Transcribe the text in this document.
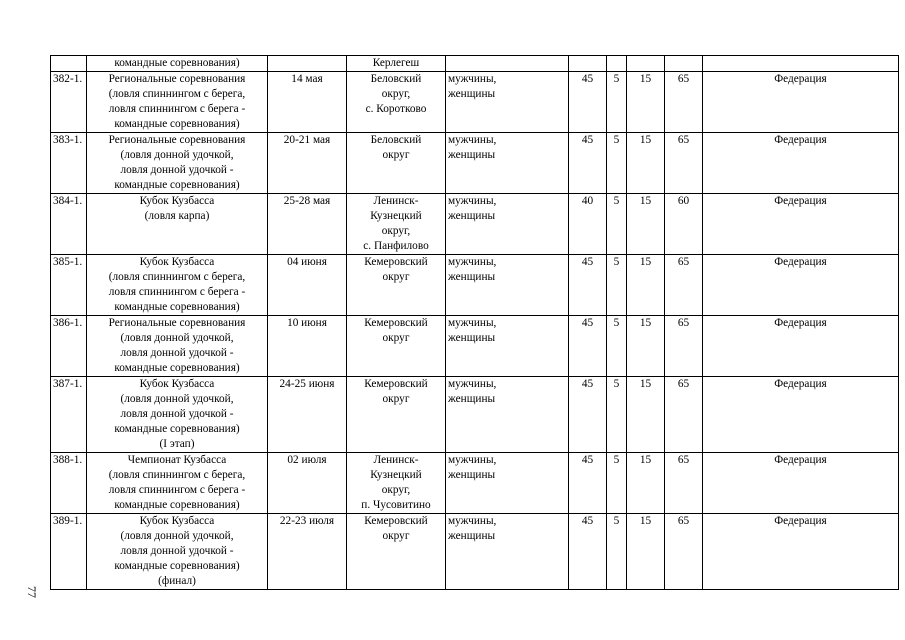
77

	командные соревнования)		Керлегеш						

382-1.	Региональные соревнования
(ловля спиннингом с берега,
ловля спиннингом с берега -
командные соревнования)	14 мая	Беловский
округ,
с. Коротково	мужчины,
женщины	45	5	15	65	Федерация

383-1.	Региональные соревнования
(ловля донной удочкой,
ловля донной удочкой -
командные соревнования)	20-21 мая	Беловский
округ	мужчины,
женщины	45	5	15	65	Федерация

384-1.	Кубок Кузбасса
(ловля карпа)	25-28 мая	Ленинск-
Кузнецкий
округ,
с. Панфилово	мужчины,
женщины	40	5	15	60	Федерация

385-1.	Кубок Кузбасса
(ловля спиннингом с берега,
ловля спиннингом с берега -
командные соревнования)	04 июня	Кемеровский
округ	мужчины,
женщины	45	5	15	65	Федерация

386-1.	Региональные соревнования
(ловля донной удочкой,
ловля донной удочкой -
командные соревнования)	10 июня	Кемеровский
округ	мужчины,
женщины	45	5	15	65	Федерация

387-1.	Кубок Кузбасса
(ловля донной удочкой,
ловля донной удочкой -
командные соревнования)
(I этап)	24-25 июня	Кемеровский
округ	мужчины,
женщины	45	5	15	65	Федерация

388-1.	Чемпионат Кузбасса
(ловля спиннингом с берега,
ловля спиннингом с берега -
командные соревнования)	02 июля	Ленинск-
Кузнецкий
округ,
п. Чусовитино	мужчины,
женщины	45	5	15	65	Федерация

389-1.	Кубок Кузбасса
(ловля донной удочкой,
ловля донной удочкой -
командные соревнования)
(финал)	22-23 июля	Кемеровский
округ	мужчины,
женщины	45	5	15	65	Федерация
